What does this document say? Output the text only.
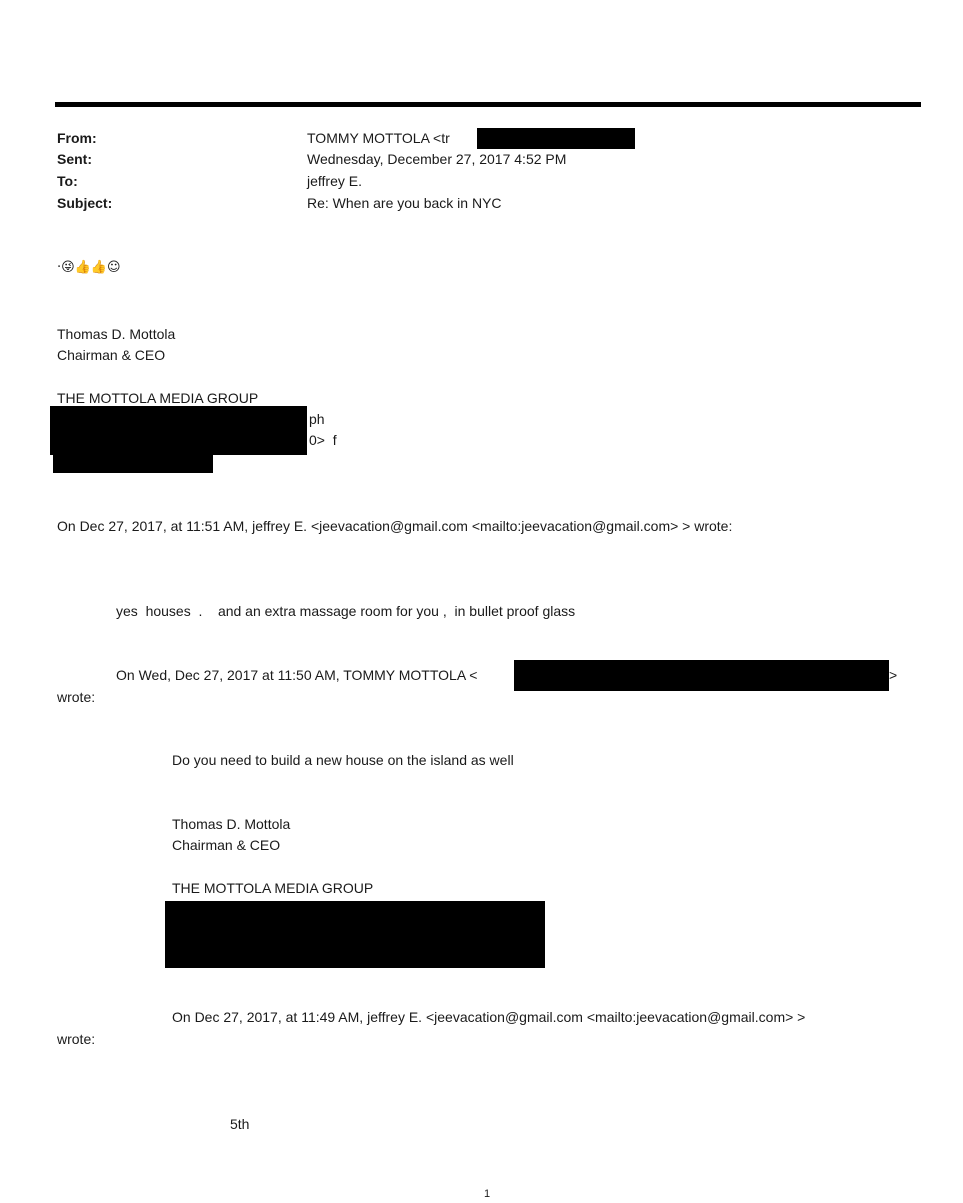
From:	TOMMY MOTTOLA <tr
Sent:	Wednesday, December 27, 2017 4:52 PM
To:	jeffrey E.
Subject:	Re: When are you back in NYC
·😜👍👍☺
Thomas D. Mottola
Chairman & CEO
THE MOTTOLA MEDIA GROUP
ph
0>  f
On Dec 27, 2017, at 11:51 AM, jeffrey E. <jeevacation@gmail.com <mailto:jeevacation@gmail.com> > wrote:
yes  houses  .    and an extra massage room for you ,  in bullet proof glass
On Wed, Dec 27, 2017 at 11:50 AM, TOMMY MOTTOLA <	>
wrote:
Do you need to build a new house on the island as well
Thomas D. Mottola
Chairman & CEO
THE MOTTOLA MEDIA GROUP
On Dec 27, 2017, at 11:49 AM, jeffrey E. <jeevacation@gmail.com <mailto:jeevacation@gmail.com> >
wrote:
5th
1
